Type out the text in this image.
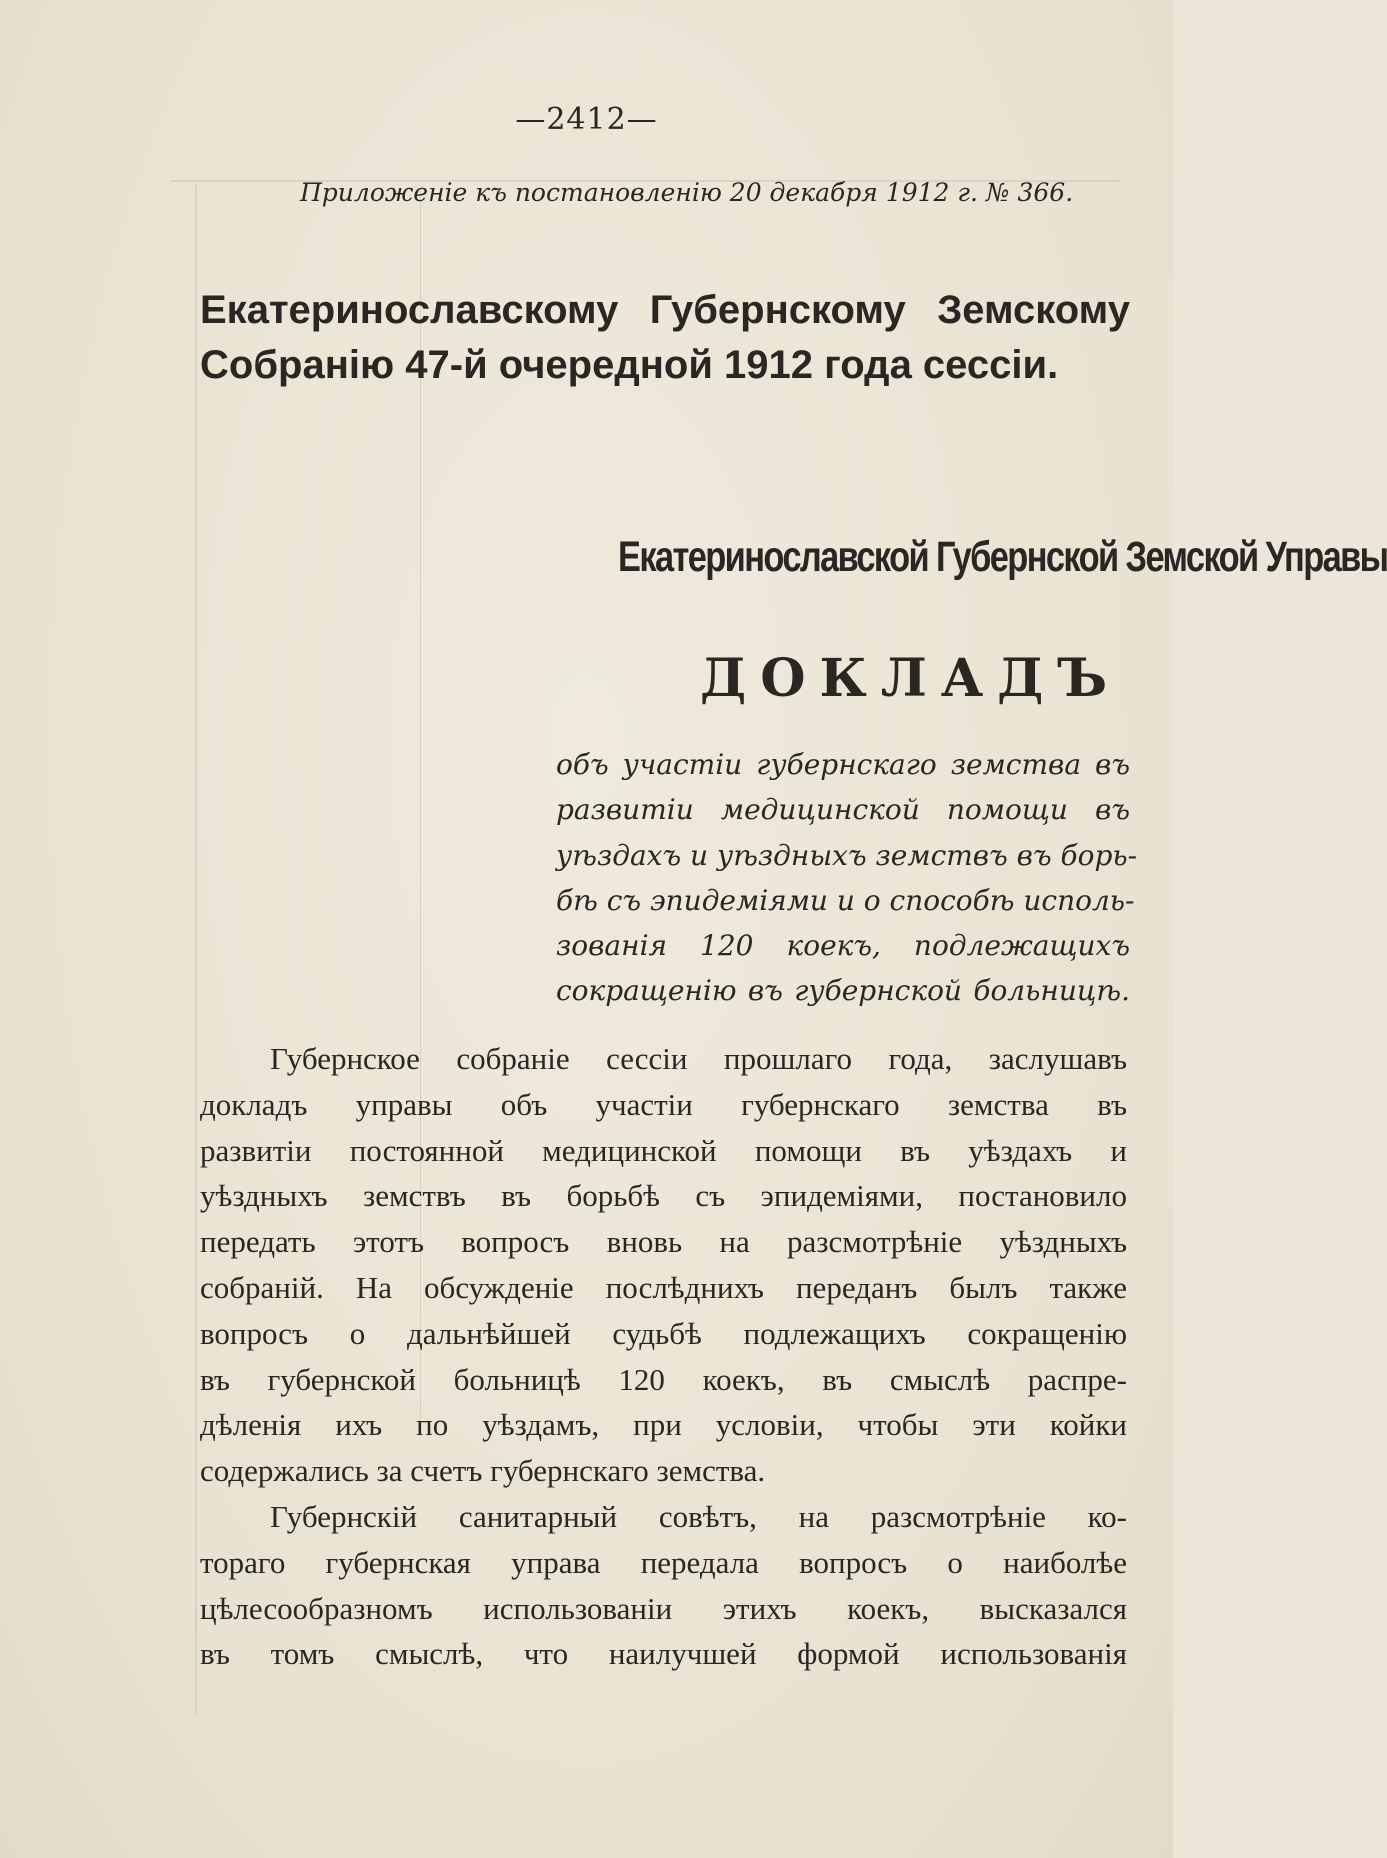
—2412—
Приложеніе къ постановленію 20 декабря 1912 г. № 366.
Екатеринославскому Губернскому Земскому Собранію 47-й очередной 1912 года сессіи.
Екатеринославской Губернской Земской Управы
ДОКЛАДЪ
объ участіи губернскаго земства въ
развитіи медицинской помощи въ
уѣздахъ и уѣздныхъ земствъ въ борь-
бѣ съ эпидеміями и о способѣ исполь-
зованія 120 коекъ, подлежащихъ
сокращенію въ губернской больницѣ.
Губернское собраніе сессіи прошлаго года, заслушавъ
докладъ управы объ участіи губернскаго земства въ
развитіи постоянной медицинской помощи въ уѣздахъ и
уѣздныхъ земствъ въ борьбѣ съ эпидеміями, постановило
передать этотъ вопросъ вновь на разсмотрѣніе уѣздныхъ
собраній. На обсужденіе послѣднихъ переданъ былъ также
вопросъ о дальнѣйшей судьбѣ подлежащихъ сокращенію
въ губернской больницѣ 120 коекъ, въ смыслѣ распре-
дѣленія ихъ по уѣздамъ, при условіи, чтобы эти койки
содержались за счетъ губернскаго земства.
Губернскій санитарный совѣтъ, на разсмотрѣніе ко-
тораго губернская управа передала вопросъ о наиболѣе
цѣлесообразномъ использованіи этихъ коекъ, высказался
въ томъ смыслѣ, что наилучшей формой использованія
